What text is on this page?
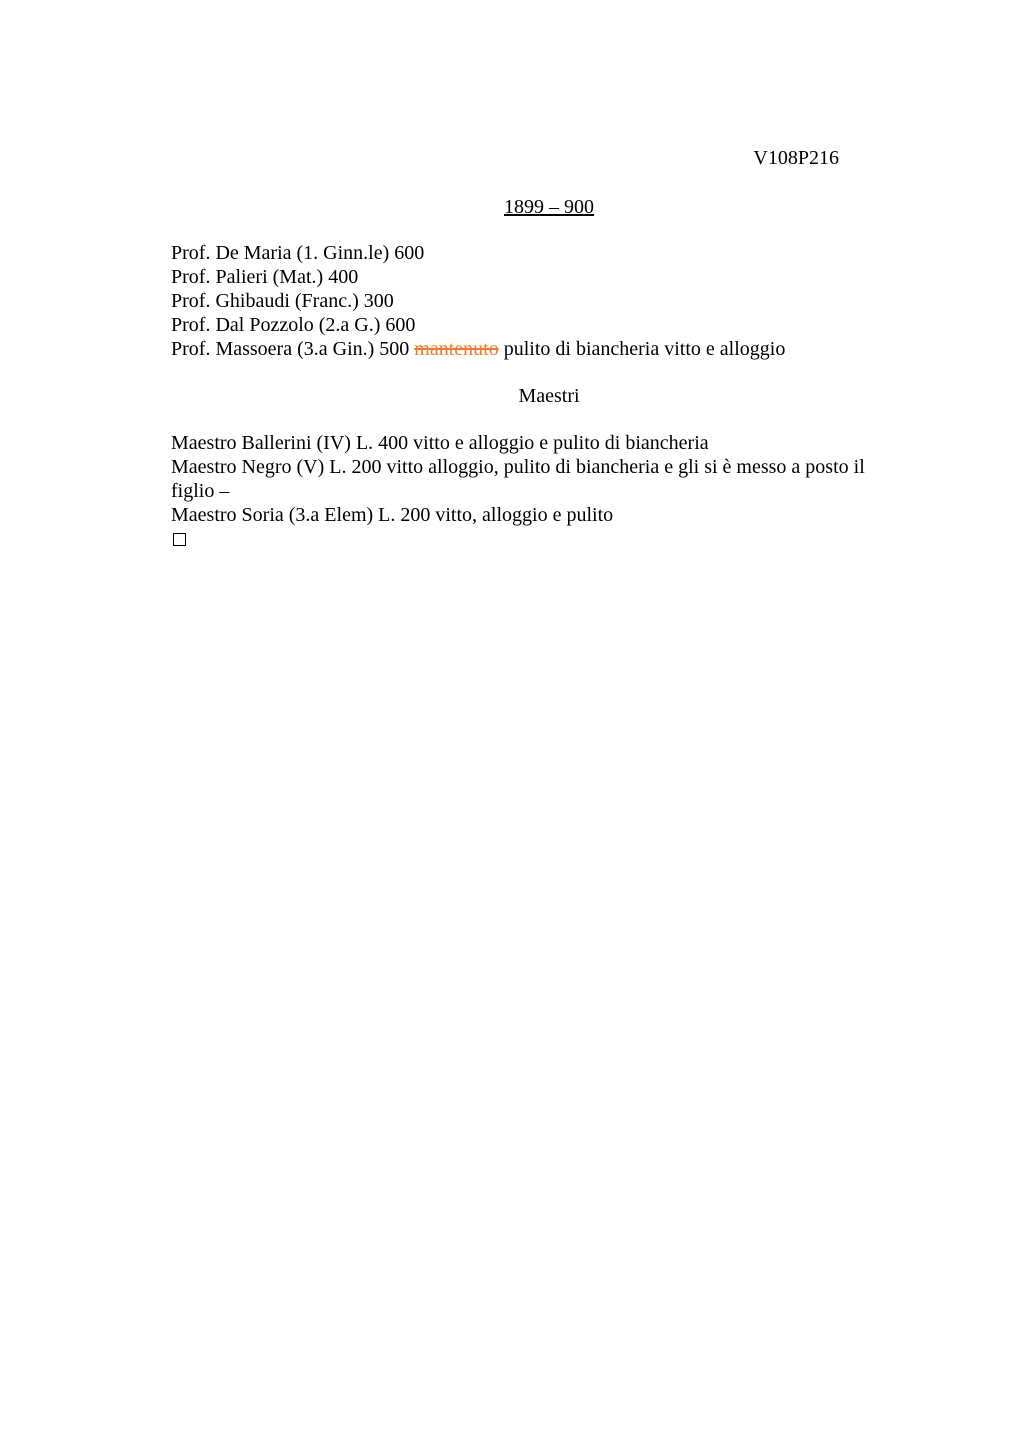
V108P216
1899 – 900
Prof. De Maria (1. Ginn.le) 600
Prof. Palieri (Mat.) 400
Prof. Ghibaudi (Franc.) 300
Prof. Dal Pozzolo (2.a G.) 600
Prof. Massoera (3.a Gin.) 500 mantenuto pulito di biancheria vitto e alloggio
Maestri
Maestro Ballerini (IV) L. 400 vitto e alloggio e pulito di biancheria
Maestro Negro (V) L. 200 vitto alloggio, pulito di biancheria e gli si è messo a posto il figlio –
Maestro Soria (3.a Elem) L. 200 vitto, alloggio e pulito
